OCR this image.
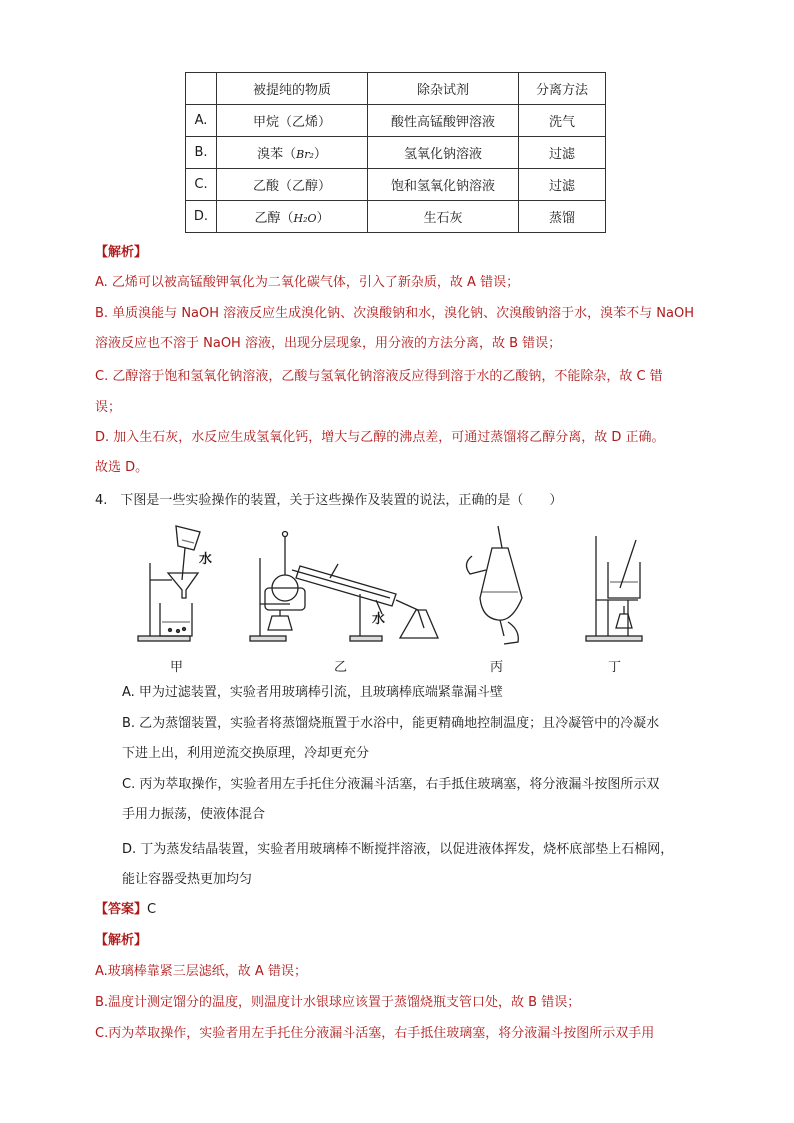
	被提纯的物质	除杂试剂	分离方法
A.	甲烷（乙烯）	酸性高锰酸钾溶液	洗气
B.	溴苯（Br₂）	氢氧化钠溶液	过滤
C.	乙酸（乙醇）	饱和氢氧化钠溶液	过滤
D.	乙醇（H₂O）	生石灰	蒸馏
【解析】
A. 乙烯可以被高锰酸钾氧化为二氧化碳气体，引入了新杂质，故 A 错误；
B. 单质溴能与 NaOH 溶液反应生成溴化钠、次溴酸钠和水，溴化钠、次溴酸钠溶于水，溴苯不与 NaOH
溶液反应也不溶于 NaOH 溶液，出现分层现象，用分液的方法分离，故 B 错误；
C. 乙醇溶于饱和氢氧化钠溶液，乙酸与氢氧化钠溶液反应得到溶于水的乙酸钠，不能除杂，故 C 错
误；
D. 加入生石灰，水反应生成氢氧化钙，增大与乙醇的沸点差，可通过蒸馏将乙醇分离，故 D 正确。
故选 D。
4.　下图是一些实验操作的装置，关于这些操作及装置的说法，正确的是（　　）
水
水
甲	乙	丙	丁
A. 甲为过滤装置，实验者用玻璃棒引流，且玻璃棒底端紧靠漏斗壁
B. 乙为蒸馏装置，实验者将蒸馏烧瓶置于水浴中，能更精确地控制温度；且冷凝管中的冷凝水
下进上出，利用逆流交换原理，冷却更充分
C. 丙为萃取操作，实验者用左手托住分液漏斗活塞，右手抵住玻璃塞，将分液漏斗按图所示双
手用力振荡，使液体混合
D. 丁为蒸发结晶装置，实验者用玻璃棒不断搅拌溶液，以促进液体挥发，烧杯底部垫上石棉网，
能让容器受热更加均匀
【答案】C
【解析】
A.玻璃棒靠紧三层滤纸，故 A 错误；
B.温度计测定馏分的温度，则温度计水银球应该置于蒸馏烧瓶支管口处，故 B 错误；
C.丙为萃取操作，实验者用左手托住分液漏斗活塞，右手抵住玻璃塞，将分液漏斗按图所示双手用
